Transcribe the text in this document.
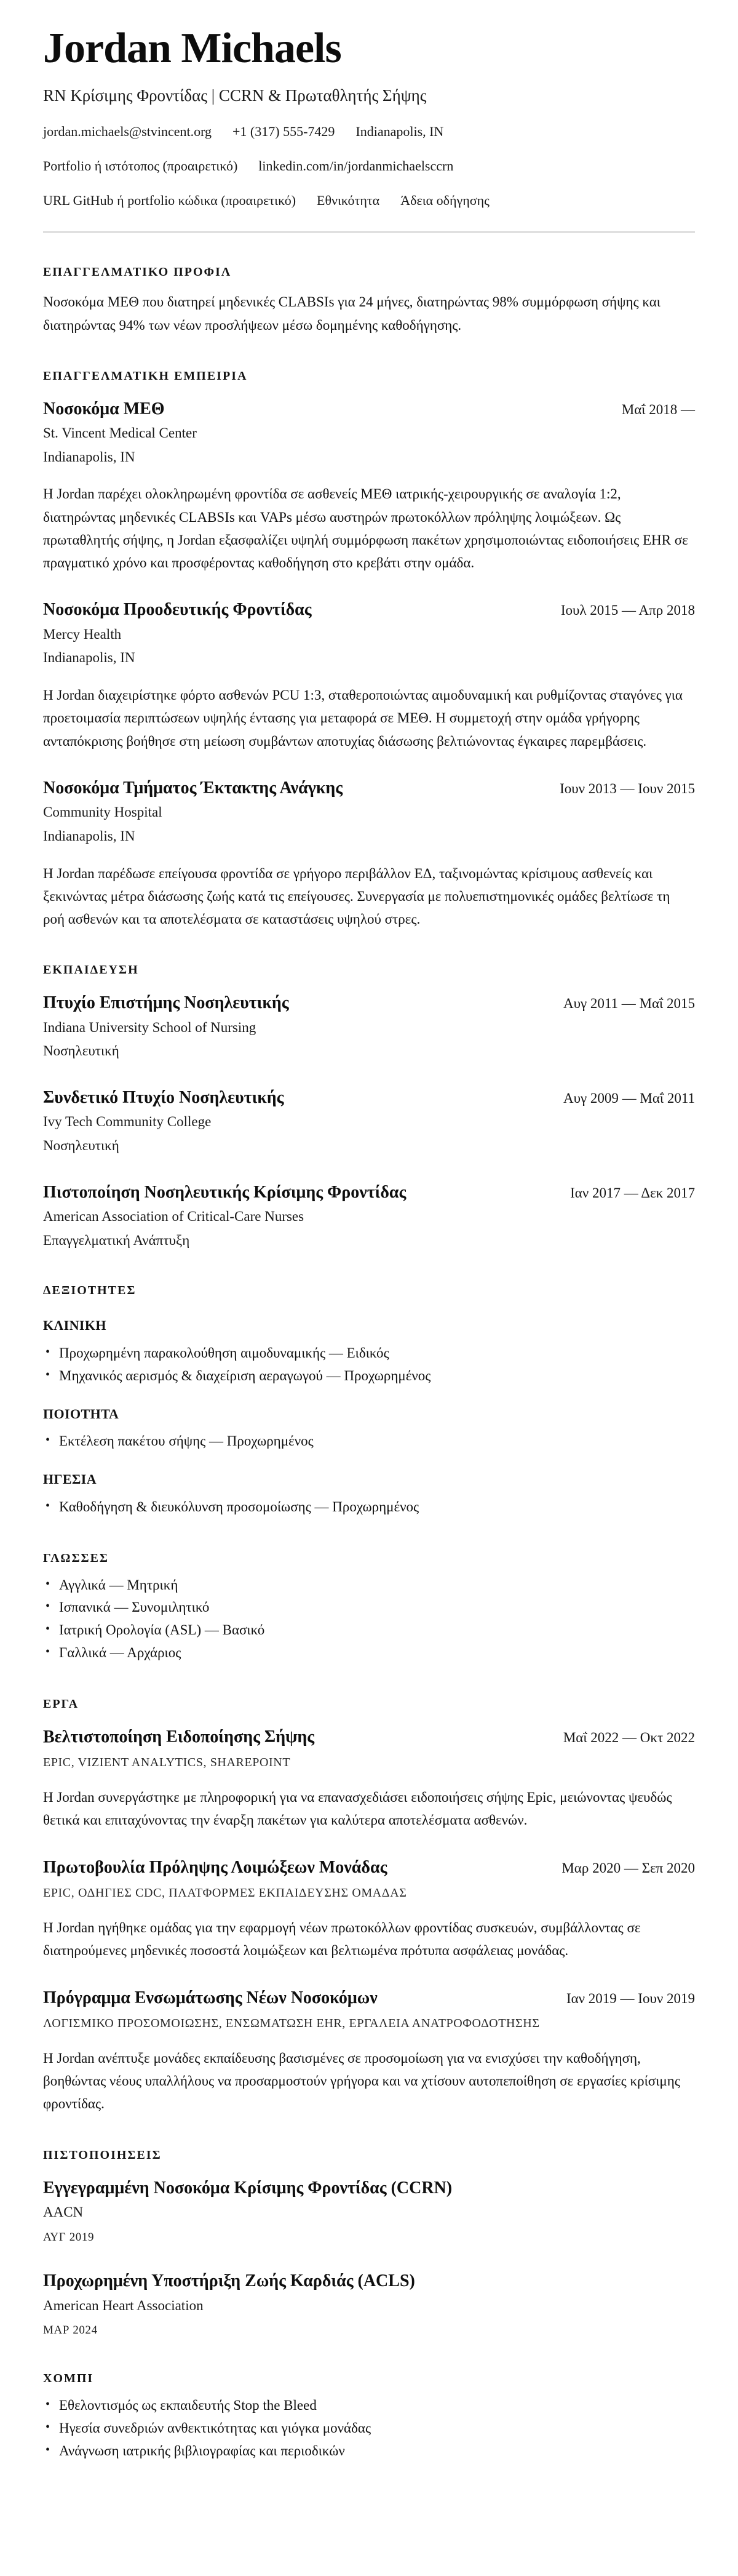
Jordan Michaels
RN Κρίσιμης Φροντίδας | CCRN & Πρωταθλητής Σήψης
jordan.michaels@stvincent.org +1 (317) 555-7429 Indianapolis, IN
Portfolio ή ιστότοπος (προαιρετικό) linkedin.com/in/jordanmichaelsccrn
URL GitHub ή portfolio κώδικα (προαιρετικό) Εθνικότητα Άδεια οδήγησης
ΕΠΑΓΓΕΛΜΑΤΙΚΟ ΠΡΟΦΙΛ
Νοσοκόμα ΜΕΘ που διατηρεί μηδενικές CLABSIs για 24 μήνες, διατηρώντας 98% συμμόρφωση σήψης και διατηρώντας 94% των νέων προσλήψεων μέσω δομημένης καθοδήγησης.
ΕΠΑΓΓΕΛΜΑΤΙΚΗ ΕΜΠΕΙΡΙΑ
Νοσοκόμα ΜΕΘ	Μαΐ 2018 —
St. Vincent Medical Center
Indianapolis, IN
Η Jordan παρέχει ολοκληρωμένη φροντίδα σε ασθενείς ΜΕΘ ιατρικής-χειρουργικής σε αναλογία 1:2, διατηρώντας μηδενικές CLABSIs και VAPs μέσω αυστηρών πρωτοκόλλων πρόληψης λοιμώξεων. Ως πρωταθλητής σήψης, η Jordan εξασφαλίζει υψηλή συμμόρφωση πακέτων χρησιμοποιώντας ειδοποιήσεις EHR σε πραγματικό χρόνο και προσφέροντας καθοδήγηση στο κρεβάτι στην ομάδα.
Νοσοκόμα Προοδευτικής Φροντίδας	Ιουλ 2015 — Απρ 2018
Mercy Health
Indianapolis, IN
Η Jordan διαχειρίστηκε φόρτο ασθενών PCU 1:3, σταθεροποιώντας αιμοδυναμική και ρυθμίζοντας σταγόνες για προετοιμασία περιπτώσεων υψηλής έντασης για μεταφορά σε ΜΕΘ. Η συμμετοχή στην ομάδα γρήγορης ανταπόκρισης βοήθησε στη μείωση συμβάντων αποτυχίας διάσωσης βελτιώνοντας έγκαιρες παρεμβάσεις.
Νοσοκόμα Τμήματος Έκτακτης Ανάγκης	Ιουν 2013 — Ιουν 2015
Community Hospital
Indianapolis, IN
Η Jordan παρέδωσε επείγουσα φροντίδα σε γρήγορο περιβάλλον ΕΔ, ταξινομώντας κρίσιμους ασθενείς και ξεκινώντας μέτρα διάσωσης ζωής κατά τις επείγουσες. Συνεργασία με πολυεπιστημονικές ομάδες βελτίωσε τη ροή ασθενών και τα αποτελέσματα σε καταστάσεις υψηλού στρες.
ΕΚΠΑΙΔΕΥΣΗ
Πτυχίο Επιστήμης Νοσηλευτικής	Αυγ 2011 — Μαΐ 2015
Indiana University School of Nursing
Νοσηλευτική
Συνδετικό Πτυχίο Νοσηλευτικής	Αυγ 2009 — Μαΐ 2011
Ivy Tech Community College
Νοσηλευτική
Πιστοποίηση Νοσηλευτικής Κρίσιμης Φροντίδας	Ιαν 2017 — Δεκ 2017
American Association of Critical-Care Nurses
Επαγγελματική Ανάπτυξη
ΔΕΞΙΟΤΗΤΕΣ
ΚΛΙΝΙΚΗ
• Προχωρημένη παρακολούθηση αιμοδυναμικής — Ειδικός
• Μηχανικός αερισμός & διαχείριση αεραγωγού — Προχωρημένος
ΠΟΙΟΤΗΤΑ
• Εκτέλεση πακέτου σήψης — Προχωρημένος
ΗΓΕΣΙΑ
• Καθοδήγηση & διευκόλυνση προσομοίωσης — Προχωρημένος
ΓΛΩΣΣΕΣ
• Αγγλικά — Μητρική
• Ισπανικά — Συνομιλητικό
• Ιατρική Ορολογία (ASL) — Βασικό
• Γαλλικά — Αρχάριος
ΕΡΓΑ
Βελτιστοποίηση Ειδοποίησης Σήψης	Μαΐ 2022 — Οκτ 2022
EPIC, VIZIENT ANALYTICS, SHAREPOINT
Η Jordan συνεργάστηκε με πληροφορική για να επανασχεδιάσει ειδοποιήσεις σήψης Epic, μειώνοντας ψευδώς θετικά και επιταχύνοντας την έναρξη πακέτων για καλύτερα αποτελέσματα ασθενών.
Πρωτοβουλία Πρόληψης Λοιμώξεων Μονάδας	Μαρ 2020 — Σεπ 2020
EPIC, ΟΔΗΓΙΕΣ CDC, ΠΛΑΤΦΟΡΜΕΣ ΕΚΠΑΙΔΕΥΣΗΣ ΟΜΑΔΑΣ
Η Jordan ηγήθηκε ομάδας για την εφαρμογή νέων πρωτοκόλλων φροντίδας συσκευών, συμβάλλοντας σε διατηρούμενες μηδενικές ποσοστά λοιμώξεων και βελτιωμένα πρότυπα ασφάλειας μονάδας.
Πρόγραμμα Ενσωμάτωσης Νέων Νοσοκόμων	Ιαν 2019 — Ιουν 2019
ΛΟΓΙΣΜΙΚΟ ΠΡΟΣΟΜΟΙΩΣΗΣ, ΕΝΣΩΜΑΤΩΣΗ EHR, ΕΡΓΑΛΕΙΑ ΑΝΑΤΡΟΦΟΔΟΤΗΣΗΣ
Η Jordan ανέπτυξε μονάδες εκπαίδευσης βασισμένες σε προσομοίωση για να ενισχύσει την καθοδήγηση, βοηθώντας νέους υπαλλήλους να προσαρμοστούν γρήγορα και να χτίσουν αυτοπεποίθηση σε εργασίες κρίσιμης φροντίδας.
ΠΙΣΤΟΠΟΙΗΣΕΙΣ
Εγγεγραμμένη Νοσοκόμα Κρίσιμης Φροντίδας (CCRN)
AACN
ΑΥΓ 2019
Προχωρημένη Υποστήριξη Ζωής Καρδιάς (ACLS)
American Heart Association
ΜΑΡ 2024
ΧΟΜΠΙ
• Εθελοντισμός ως εκπαιδευτής Stop the Bleed
• Ηγεσία συνεδριών ανθεκτικότητας και γιόγκα μονάδας
• Ανάγνωση ιατρικής βιβλιογραφίας και περιοδικών
